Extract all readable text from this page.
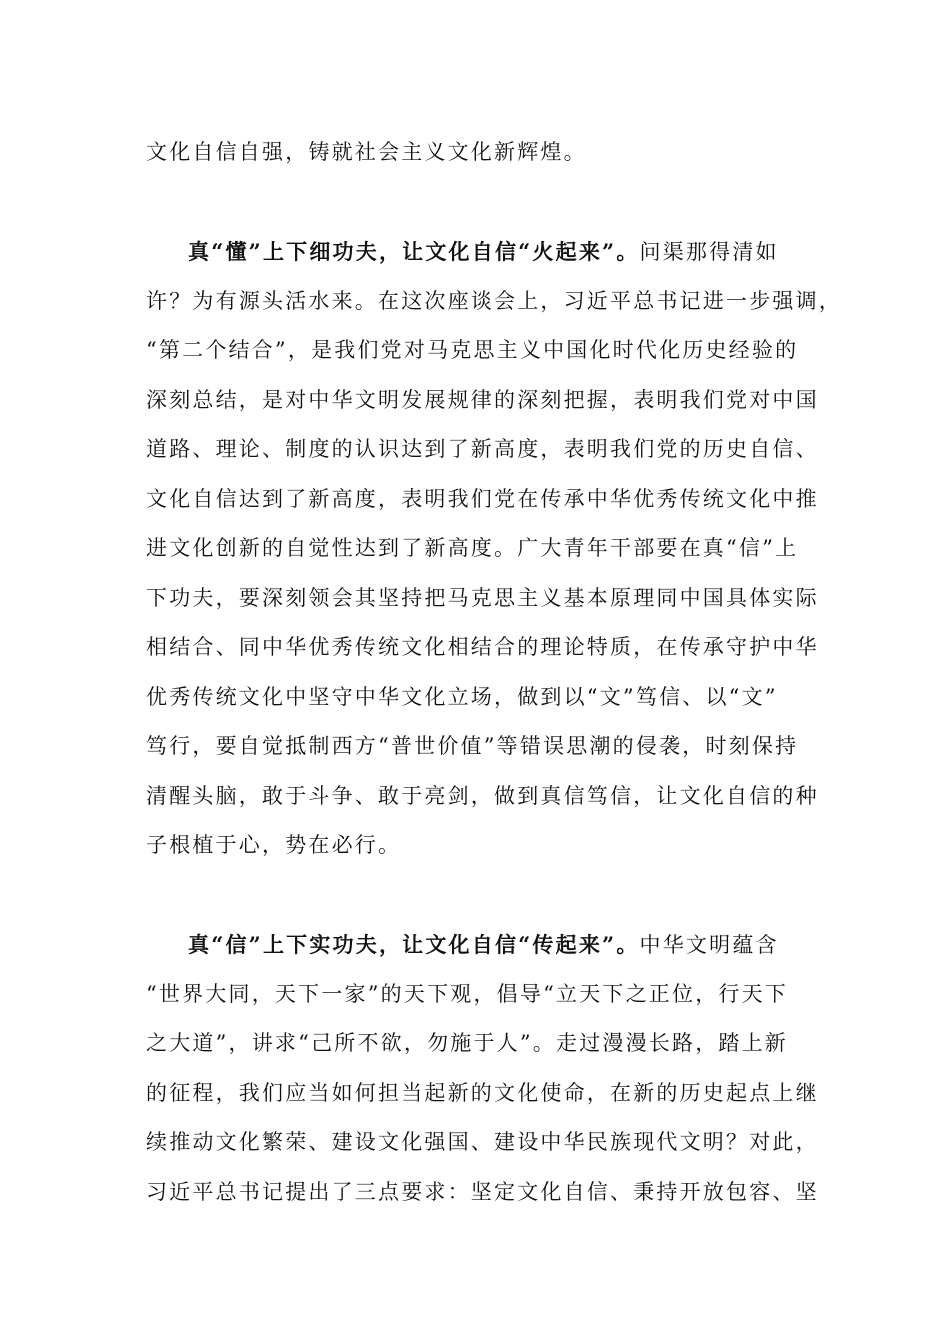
文化自信自强，铸就社会主义文化新辉煌。
真“懂”上下细功夫，让文化自信“火起来”。问渠那得清如
许？为有源头活水来。在这次座谈会上，习近平总书记进一步强调，
“第二个结合”，是我们党对马克思主义中国化时代化历史经验的
深刻总结，是对中华文明发展规律的深刻把握，表明我们党对中国
道路、理论、制度的认识达到了新高度，表明我们党的历史自信、
文化自信达到了新高度，表明我们党在传承中华优秀传统文化中推
进文化创新的自觉性达到了新高度。广大青年干部要在真“信”上
下功夫，要深刻领会其坚持把马克思主义基本原理同中国具体实际
相结合、同中华优秀传统文化相结合的理论特质，在传承守护中华
优秀传统文化中坚守中华文化立场，做到以“文”笃信、以“文”
笃行，要自觉抵制西方“普世价值”等错误思潮的侵袭，时刻保持
清醒头脑，敢于斗争、敢于亮剑，做到真信笃信，让文化自信的种
子根植于心，势在必行。
真“信”上下实功夫，让文化自信“传起来”。中华文明蕴含
“世界大同，天下一家”的天下观，倡导“立天下之正位，行天下
之大道”，讲求“己所不欲，勿施于人”。走过漫漫长路，踏上新
的征程，我们应当如何担当起新的文化使命，在新的历史起点上继
续推动文化繁荣、建设文化强国、建设中华民族现代文明？对此，
习近平总书记提出了三点要求：坚定文化自信、秉持开放包容、坚
